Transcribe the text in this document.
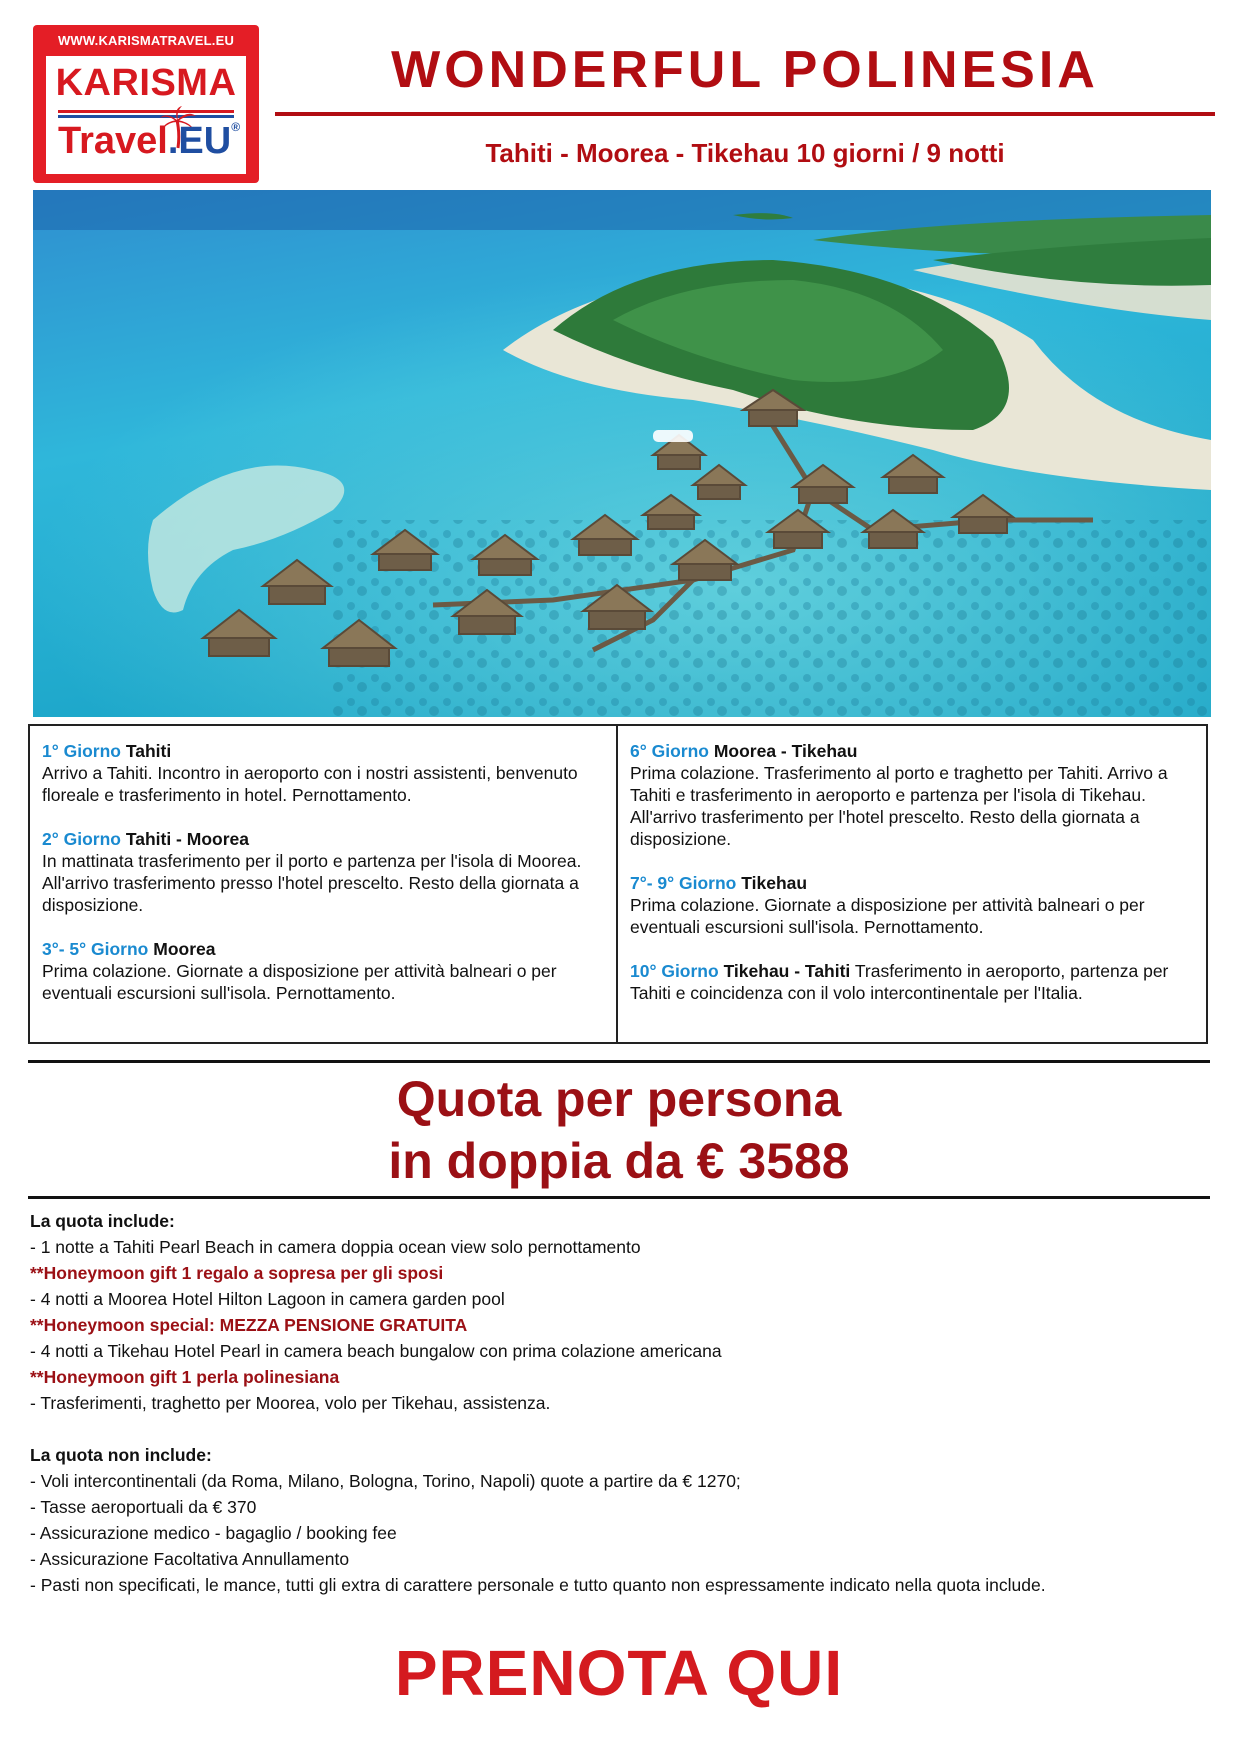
WWW.KARISMATRAVEL.EU
KARISMA
Travel.EU®
WONDERFUL POLINESIA
Tahiti - Moorea - Tikehau 10 giorni / 9 notti
1° Giorno Tahiti
Arrivo a Tahiti. Incontro in aeroporto con i nostri assistenti, benvenuto floreale e trasferimento in hotel. Pernottamento.
2° Giorno Tahiti - Moorea
In mattinata trasferimento per il porto e partenza per l'isola di Moorea. All'arrivo trasferimento presso l'hotel prescelto. Resto della giornata a disposizione.
3°- 5° Giorno Moorea
Prima colazione. Giornate a disposizione per attività balneari o per eventuali escursioni sull'isola. Pernottamento.
6° Giorno Moorea - Tikehau
Prima colazione. Trasferimento al porto e traghetto per Tahiti. Arrivo a Tahiti e trasferimento in aeroporto e partenza per l'isola di Tikehau. All'arrivo trasferimento per l'hotel prescelto. Resto della giornata a disposizione.
7°- 9° Giorno Tikehau
Prima colazione. Giornate a disposizione per attività balneari o per eventuali escursioni sull'isola. Pernottamento.
10° Giorno Tikehau - Tahiti Trasferimento in aeroporto, partenza per Tahiti e coincidenza con il volo intercontinentale per l'Italia.
Quota per persona
in doppia da € 3588
La quota include:
- 1 notte a Tahiti Pearl Beach in camera doppia ocean view solo pernottamento
**Honeymoon gift 1 regalo a sopresa per gli sposi
- 4 notti a Moorea Hotel Hilton Lagoon in camera garden pool
**Honeymoon special: MEZZA PENSIONE GRATUITA
- 4 notti a Tikehau Hotel Pearl in camera beach bungalow con prima colazione americana
**Honeymoon gift 1 perla polinesiana
- Trasferimenti, traghetto per Moorea, volo per Tikehau, assistenza.
La quota non include:
- Voli intercontinentali (da Roma, Milano, Bologna, Torino, Napoli) quote a partire da € 1270;
- Tasse aeroportuali da € 370
- Assicurazione medico - bagaglio / booking fee
- Assicurazione Facoltativa Annullamento
- Pasti non specificati, le mance, tutti gli extra di carattere personale e tutto quanto non espressamente indicato nella quota include.
PRENOTA QUI
